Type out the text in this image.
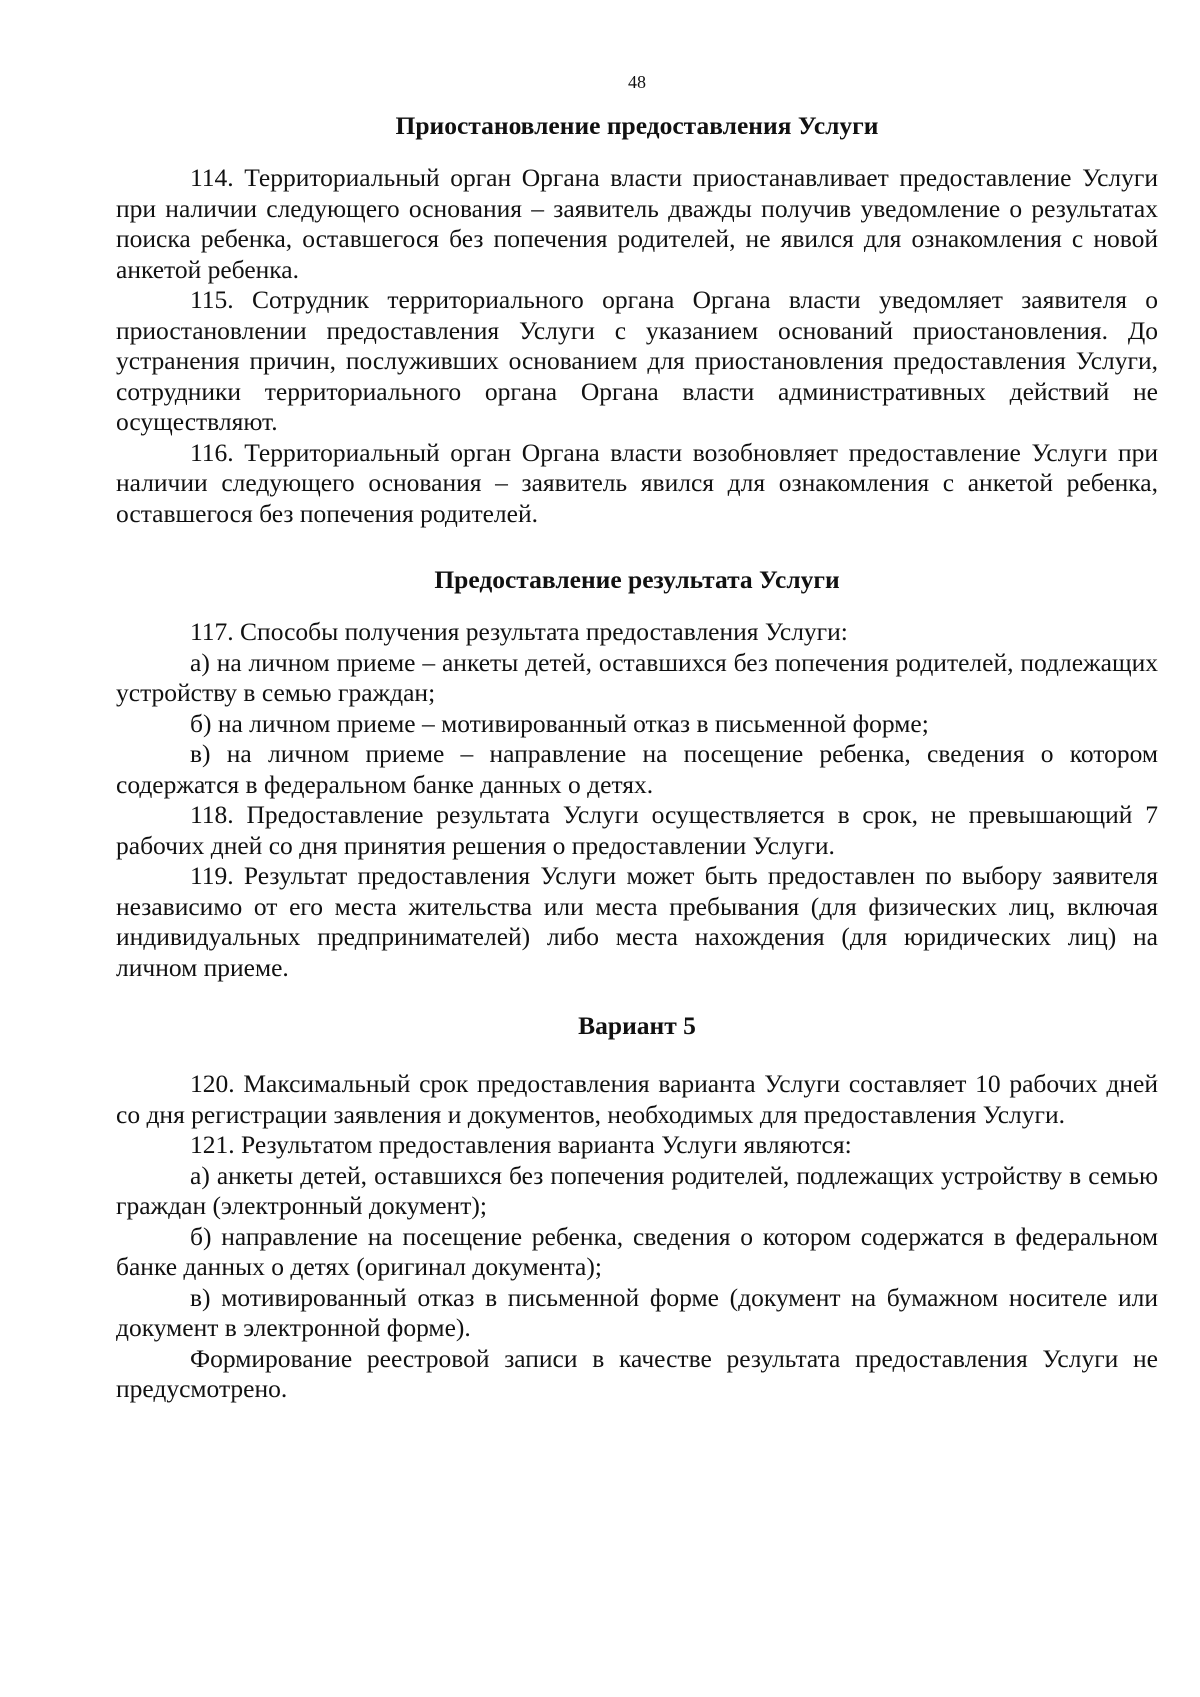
48
Приостановление предоставления Услуги

114. Территориальный орган Органа власти приостанавливает предоставление Услуги при наличии следующего основания – заявитель дважды получив уведомление о результатах поиска ребенка, оставшегося без попечения родителей, не явился для ознакомления с новой анкетой ребенка.

115. Сотрудник территориального органа Органа власти уведомляет заявителя о приостановлении предоставления Услуги с указанием оснований приостановления. До устранения причин, послуживших основанием для приостановления предоставления Услуги, сотрудники территориального органа Органа власти административных действий не осуществляют.

116. Территориальный орган Органа власти возобновляет предоставление Услуги при наличии следующего основания – заявитель явился для ознакомления с анкетой ребенка, оставшегося без попечения родителей.

Предоставление результата Услуги

117. Способы получения результата предоставления Услуги:

а) на личном приеме – анкеты детей, оставшихся без попечения родителей, подлежащих устройству в семью граждан;

б) на личном приеме – мотивированный отказ в письменной форме;

в) на личном приеме – направление на посещение ребенка, сведения о котором содержатся в федеральном банке данных о детях.

118. Предоставление результата Услуги осуществляется в срок, не превышающий 7 рабочих дней со дня принятия решения о предоставлении Услуги.

119. Результат предоставления Услуги может быть предоставлен по выбору заявителя независимо от его места жительства или места пребывания (для физических лиц, включая индивидуальных предпринимателей) либо места нахождения (для юридических лиц) на личном приеме.

Вариант 5

120. Максимальный срок предоставления варианта Услуги составляет 10 рабочих дней со дня регистрации заявления и документов, необходимых для предоставления Услуги.

121. Результатом предоставления варианта Услуги являются:

а) анкеты детей, оставшихся без попечения родителей, подлежащих устройству в семью граждан (электронный документ);

б) направление на посещение ребенка, сведения о котором содержатся в федеральном банке данных о детях (оригинал документа);

в) мотивированный отказ в письменной форме (документ на бумажном носителе или документ в электронной форме).

Формирование реестровой записи в качестве результата предоставления Услуги не предусмотрено.
